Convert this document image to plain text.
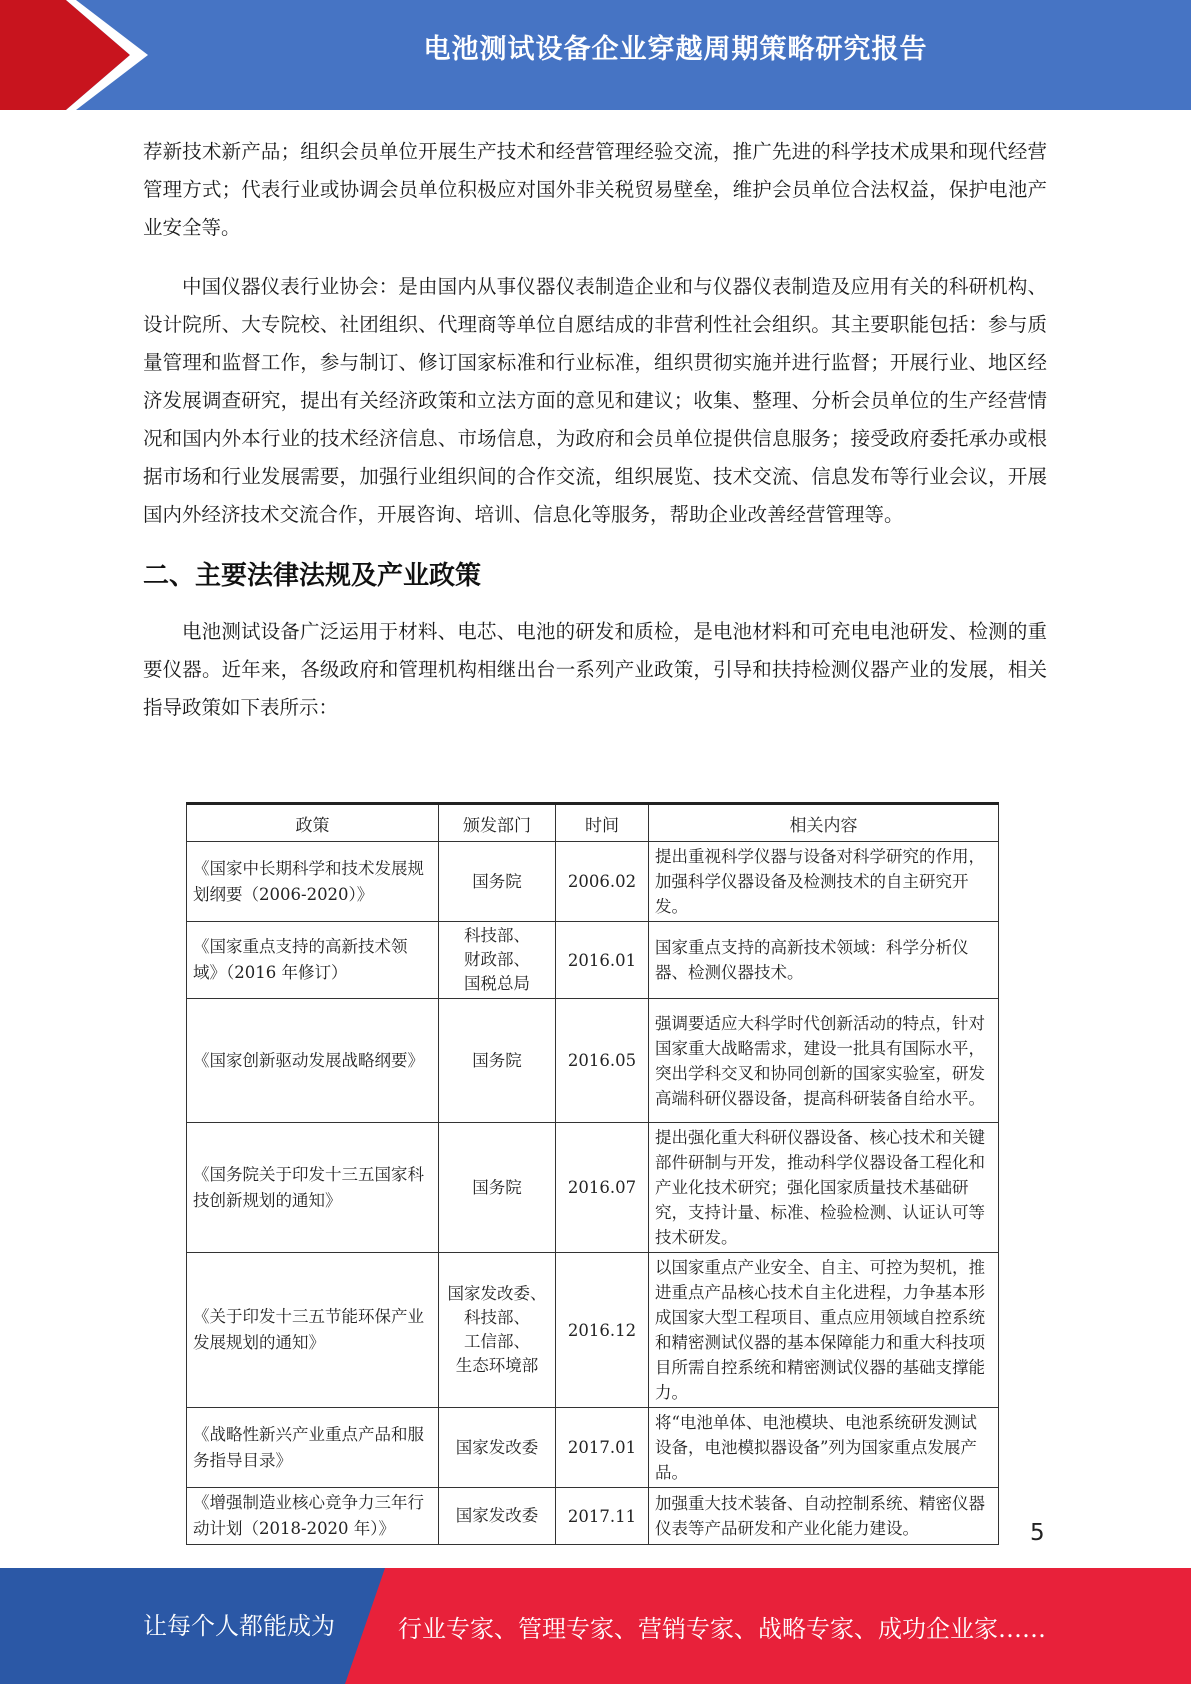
电池测试设备企业穿越周期策略研究报告

荐新技术新产品；组织会员单位开展生产技术和经营管理经验交流，推广先进的科学技术成果和现代经营管理方式；代表行业或协调会员单位积极应对国外非关税贸易壁垒，维护会员单位合法权益，保护电池产业安全等。

中国仪器仪表行业协会：是由国内从事仪器仪表制造企业和与仪器仪表制造及应用有关的科研机构、设计院所、大专院校、社团组织、代理商等单位自愿结成的非营利性社会组织。其主要职能包括：参与质量管理和监督工作，参与制订、修订国家标准和行业标准，组织贯彻实施并进行监督；开展行业、地区经济发展调查研究，提出有关经济政策和立法方面的意见和建议；收集、整理、分析会员单位的生产经营情况和国内外本行业的技术经济信息、市场信息，为政府和会员单位提供信息服务；接受政府委托承办或根据市场和行业发展需要，加强行业组织间的合作交流，组织展览、技术交流、信息发布等行业会议，开展国内外经济技术交流合作，开展咨询、培训、信息化等服务，帮助企业改善经营管理等。

二、主要法律法规及产业政策

电池测试设备广泛运用于材料、电芯、电池的研发和质检，是电池材料和可充电电池研发、检测的重要仪器。近年来，各级政府和管理机构相继出台一系列产业政策，引导和扶持检测仪器产业的发展，相关指导政策如下表所示：

政策	颁发部门	时间	相关内容
《国家中长期科学和技术发展规划纲要（2006-2020）》	国务院	2006.02	提出重视科学仪器与设备对科学研究的作用，加强科学仪器设备及检测技术的自主研究开发。
《国家重点支持的高新技术领域》（2016 年修订）	科技部、
财政部、
国税总局	2016.01	国家重点支持的高新技术领域：科学分析仪器、检测仪器技术。
《国家创新驱动发展战略纲要》	国务院	2016.05	强调要适应大科学时代创新活动的特点，针对国家重大战略需求，建设一批具有国际水平，突出学科交叉和协同创新的国家实验室，研发高端科研仪器设备，提高科研装备自给水平。
《国务院关于印发十三五国家科技创新规划的通知》	国务院	2016.07	提出强化重大科研仪器设备、核心技术和关键部件研制与开发，推动科学仪器设备工程化和产业化技术研究；强化国家质量技术基础研究，支持计量、标准、检验检测、认证认可等技术研发。
《关于印发十三五节能环保产业发展规划的通知》	国家发改委、
科技部、
工信部、
生态环境部	2016.12	以国家重点产业安全、自主、可控为契机，推进重点产品核心技术自主化进程，力争基本形成国家大型工程项目、重点应用领域自控系统和精密测试仪器的基本保障能力和重大科技项目所需自控系统和精密测试仪器的基础支撑能力。
《战略性新兴产业重点产品和服务指导目录》	国家发改委	2017.01	将“电池单体、电池模块、电池系统研发测试设备，电池模拟器设备”列为国家重点发展产品。
《增强制造业核心竞争力三年行动计划（2018-2020 年）》	国家发改委	2017.11	加强重大技术装备、自动控制系统、精密仪器仪表等产品研发和产业化能力建设。	5
让每个人都能成为	行业专家、管理专家、营销专家、战略专家、成功企业家……
